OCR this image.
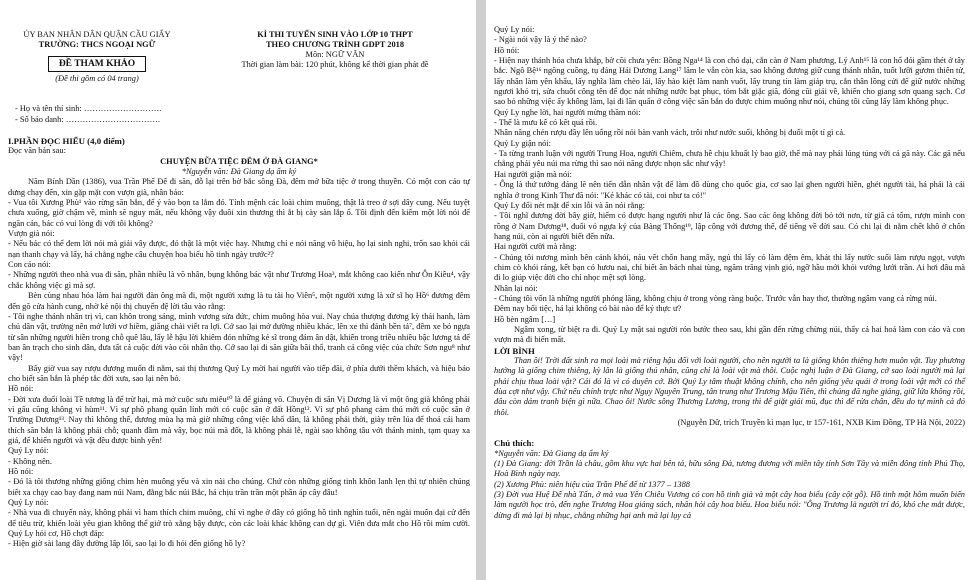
ỦY BAN NHÂN DÂN QUẬN CẦU GIẤY
TRƯỜNG: THCS NGOẠI NGỮ
ĐỀ THAM KHẢO
(Đề thi gồm có 04 trang)
KÌ THI TUYỂN SINH VÀO LỚP 10 THPT
THEO CHƯƠNG TRÌNH GDPT 2018
Môn: NGỮ VĂN
Thời gian làm bài: 120 phút, không kể thời gian phát đề
- Họ và tên thí sinh: ……………………….
- Số báo danh: …………………………….

I.PHẦN ĐỌC HIỂU (4,0 điểm)

Đọc văn bản sau:

CHUYỆN BỮA TIỆC ĐÊM Ở ĐÀ GIANG*

*Nguyễn văn: Đà Giang dạ ẩm ký

Năm Bính Dần (1386), vua Trần Phế Đế đi săn, đỗ lại trên bờ bắc sông Đà, đêm mở bữa tiệc ở trong thuyền. Có một con cáo tự dưng chạy đến, xin gặp mặt con vượn già, nhân bảo:

- Vua tôi Xương Phù¹ vào rừng săn bắn, để ý vào bọn ta lắm đó. Tính mệnh các loài chim muông, thật là treo ở sợi dây cung. Nếu tuyệt chưa xuống, giờ chậm về, mình sẽ nguy mất, nếu không vậy đuôi xin thương thì ắt bị cày sàn lắp ổ. Tôi định đến kiếm một lời nói để ngăn cản, bác có vui lòng đi với tôi không?

Vượn già nói:

- Nếu bác có thể đem lời nói mà giải vây được, đó thật là một việc hay. Nhưng chỉ e nói năng vô hiệu, họ lại sinh nghi, trốn sao khỏi cái nạn thanh chạy và lấy, há chẳng nghe câu chuyện hoa biểu hồ tinh ngày trước²?

Con cáo nói:

- Những người theo nhà vua đi săn, phần nhiều là võ nhân, bụng không bác vật như Trương Hoa³, mắt không cao kiến như Ôn Kiều⁴, vậy chắc không việc gì mà sợ.

Bèn cùng nhau hóa làm hai người đàn ông mà đi, một người xưng là tu tài họ Viên⁵, một người xưng là xử sĩ họ Hồ⁶ đương đêm đến gõ cửa hành cung, nhờ kẻ nội thị chuyển đệ lời tâu vào rằng:

- Tôi nghe thánh nhân trị vì, can khôn trong sáng, mình vương sửa đức, chim muông hòa vui. Nay chúa thượng đương kỳ thái hanh, làm chủ dân vật, trường nên mở lưới vơ hiềm, giăng chài viết ra lợi. Cớ sao lại mở đường nhiều khác, lên xe thì đánh bền tả⁷, đêm xe bỏ ngựa từ sân những người hiền trong chỗ quê lâu, lấy lễ hậu lời khiêm đón những kẻ sĩ trong đám ân dật, khiến trong triều nhiều bậc lương tá để ban ân trạch cho sinh dân, đưa tất cả cuộc đời vào cõi nhân thọ. Cớ sao lại đi săn giữa bãi thổ, tranh cả công việc của chức Sơn ngu⁸ như vậy!

Bấy giờ vua say rượu đương muốn đi nằm, sai thị thương Quý Ly mời hai người vào tiếp đãi, ở phía dưới thềm khách, và hiệu bảo cho biết săn bắn là phép tắc đời xưa, sao lại nên bỏ.

Hồ nói:

- Đời xưa đuổi loài Tề tương là để trừ hại, mà mở cuộc sưu miêu¹⁰ là để giảng võ. Chuyện đi săn Vị Dương là vì một ông già không phải vì gấu cũng không vì hùm¹¹. Vì sự phô phang quân lính mới có cuộc săn ở đất Hồng¹². Vì sự phô phang cảm thú mới có cuộc săn ở Trường Dương¹³. Nay thì không thế, đương mùa hạ mà giờ những công việc khổ dân, là không phải thời, giày trên lúa để thoả cái ham thích săn bắn là không phải chỗ; quanh đầm mà vây, bọc núi mà đốt, là không phải lễ, ngài sao không tâu với thánh minh, tạm quay xa giá, để khiến người và vật đều được bình yên!

Quý Ly nói:

- Không nên.

Hồ nói:

- Đó là tôi thương những giống chim hèn muông yếu và xin nài cho chúng. Chứ còn những giống tinh khôn lanh lẹn thì tự nhiên chúng biết xa chạy cao bay đang nam núi Nam, đằng bắc núi Bắc, há chịu trần trần một phần áp cây đâu!

Quý Ly nói:

- Nhà vua đi chuyến này, không phải vì ham thích chim muông, chỉ vì nghe ở đây có giống hồ tinh nghìn tuổi, nên ngài muốn đại cử đến để tiêu trừ, khiến loài yêu gian không thể giở trò xằng bậy được, còn các loài khác không can dự gì. Viên đưa mắt cho Hồ rồi mím cười. Quý Ly hỏi cơ, Hồ chợt đáp:

- Hiện giờ sài lang đầy đường lấp lối, sao lại lo đi hỏi đến giống hồ ly?

Quý Ly nói:

- Ngài nói vậy là ý thế nào?

Hồ nói:

- Hiện nay thánh hóa chưa khắp, bờ cõi chưa yên: Bồng Nga¹⁴ là con chó dại, cắn càn ở Nam phương, Lý Anh¹⁵ là con hổ đói gầm thét ở tây bắc. Ngô Bệ¹⁶ ngông cuồng, tụ đảng Hải Dương Lang¹⁷ lăm le vẫn còn kia, sao không đương giữ cung thánh nhân, tuốt lưỡi gươm thiên tử, lấy nhân làm yên khấu, lấy nghĩa làm chèo lái, lấy hào kiệt làm nanh vuốt, lấy trung tín làm giáp trụ, cắn thân lồng cửi để giữ nước những ngươi khó trị, sửa chuốt công tên để đọc nát những nước bạt phục, tóm bắt giặc giã, đóng cũi giải về, khiến cho giang sơn quang sạch. Cơ sao bỏ những việc ấy không làm, lại đi lăn quẩn ở công việc săn bắn do được chim muông như nói, chúng tôi cũng lấy làm không phục.

Quý Ly nghe lời, hai người mừng thầm nói:

- Thế là mưu kế có kết quả rồi.

Nhân nâng chén rượu đầy lên uống rồi nói bàn vanh vách, trôi như nước suối, không bị đuối một tí gì cả.

Quý Ly giận nói:

- Ta từng tranh luận với người Trung Hoa, người Chiêm, chưa hề chịu khuất lý bao giờ, thế mà nay phải lúng túng với cả gã này. Các gã nếu chẳng phải yêu núi ma rừng thì sao nói năng được nhọn sắc như vậy!

Hai người giận mà nói:

- Ông là thứ tướng đáng lẽ nên tiến dẫn nhân vật để làm đồ dùng cho quốc gia, cơ sao lại ghen người hiền, ghét người tài, há phải là cái nghĩa ở trong Kinh Thư đã nói: "Kẻ khác có tài, coi như ta có!"

Quý Ly đổi nét mặt để xin lỗi và ăn nói rằng:

- Tôi nghĩ đương đời bây giờ, hiếm có được hạng người như là các ông. Sao các ông không đời bỏ tới nơn, từ giã cả tốm, rượn mình con rồng ở Nam Dương¹⁸, đuổi vó ngựa ký của Bàng Thống¹⁹, lập công với đương thế, để tiếng về đời sau. Có chi lại đi nằm chết khô ở chốn hang núi, còn ai người biết đến nữa.

Hai người cười mà rằng:

- Chúng tôi nương mình bên cảnh khói, náu vết chốn hang mây, ngủ thì lấy cỏ làm đệm êm, khát thì lấy nước suối làm rượu ngọt, vượn chim cò khói ráng, kết bạn có hươu nai, chỉ biết ăn bách nhai tùng, ngăm trăng vịnh gió, ngỡ hầu mới khỏi vướng lưới trần. Ai hơi đâu mà đi lo giúp việc đời cho chỉ nhọc mệt sợi lòng.

Nhân lại nói:

- Chúng tôi vốn là những người phóng lãng, không chịu ở trong vòng ràng buộc. Trước vẫn hay thơ, thường ngâm vang cả rừng núi.

Đêm nay bối tiệc, há lại không có bài nào để kỷ thực ư?

Hồ bèn ngâm […]

Ngâm xong, từ biệt ra đi. Quý Ly mật sai người rón bước theo sau, khi gần đến rừng chừng núi, thấy cả hai hoá làm con cáo và con vượn mà đi biến mất.

LỜI BÌNH

Than ôi! Trời đất sinh ra mọi loài mà riêng hậu đối với loài người, cho nên người ta là giống khôn thiêng hơn muôn vật. Tuy phương hướng là giống chim thiêng, kỳ lân là giống thú nhân, cũng chỉ là loài vật mà thôi. Cuộc nghị luận ở Đà Giang, cớ sao loài người mà lại phải chịu thua loài vật? Cái đó là vì có duyên cớ. Bởi Quý Ly tâm thuật không chính, cho nên giống yêu quái ở trong loài vật mới có thể đùa cợt như vậy. Chứ nếu chính trực như Ngụy Nguyên Trung, tân trung như Trương Mậu Tiên, thì chúng đã nghe giảng, giữ lửa không rồi, đâu còn dám tranh biện gì nữa. Chao ôi! Nước sông Thương Lương, trong thì để giặt giải mũ, đục thì để rửa chân, đều do tự mình cả đó thôi.

(Nguyễn Dữ, trích Truyền kì mạn lục, tr 157-161, NXB Kim Đồng, TP Hà Nội, 2022)

Chú thích:

*Nguyễn văn: Đà Giang dạ ẩm ký

(1) Đà Giang: đời Trần là châu, gồm khu vực hai bên tả, hữu sông Đà, tương đương với miền tây tỉnh Sơn Tây và miền đông tỉnh Phú Thọ, Hoà Bình ngày nay.

(2) Xương Phù: niên hiệu của Trần Phế đế từ 1377 – 1388

(3) Đời vua Huệ Đế nhà Tấn, ở mả vua Yên Chiêu Vương có con hồ tinh già và một cây hoa biểu (cây cột gỗ). Hồ tinh một hôm muốn biến làm người học trò, đến nghe Trương Hoa giảng sách, nhân hỏi cây hoa biểu. Hoa biểu nói: "Ông Trương là người trí đó, khó che mắt được, đừng đi mà lại bị nhục, chẳng những hại anh mà lại lụy cả
